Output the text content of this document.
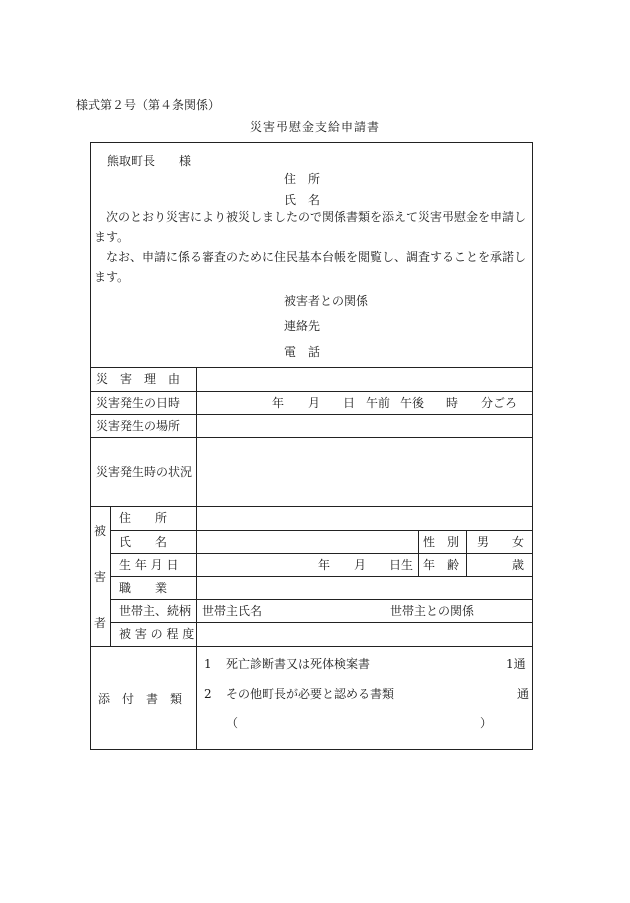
様式第２号（第４条関係）
災害弔慰金支給申請書
熊取町長　　様
住　所
氏　名
次のとおり災害により被災しましたので関係書類を添えて災害弔慰金を申請します。
なお、申請に係る審査のために住民基本台帳を閲覧し、調査することを承諾します。
被害者との関係
連絡先
電　話
災　害　理　由
災害発生の日時	年 月 日 午前 午後 時 分ごろ
災害発生の場所
災害発生時の状況
被
害
者
住　　所
氏　　名	性　別 男 女
生 年 月 日	年 月 日生 年　齢	歳
職　　業
世帯主、続柄 世帯主氏名	世帯主との関係
被 害 の 程 度
添　付　書　類
1 死亡診断書又は死体検案書	1通
2 その他町長が必要と認める書類	通
（	）
